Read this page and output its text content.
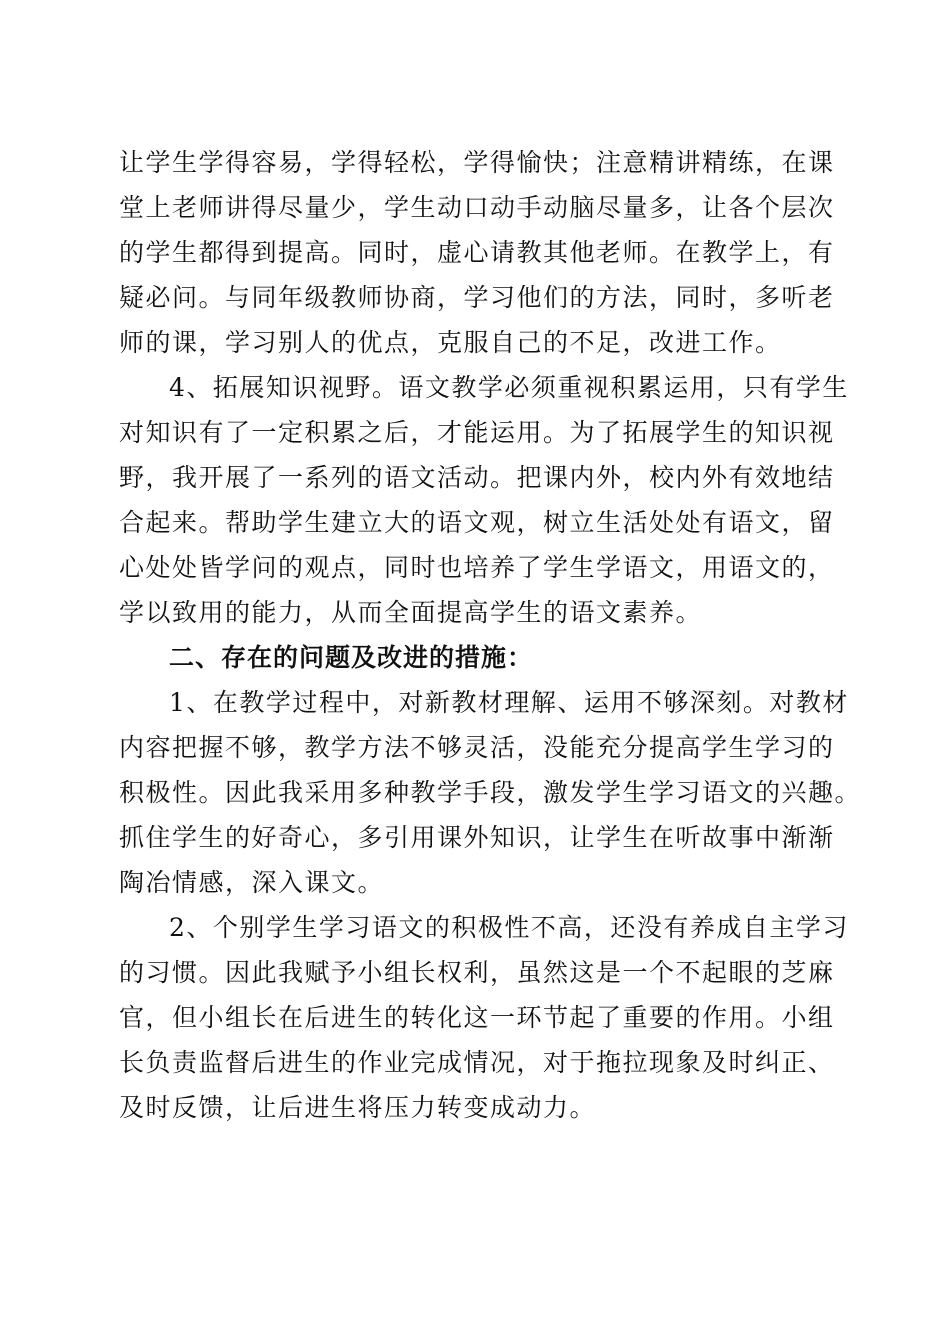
让学生学得容易，学得轻松，学得愉快；注意精讲精练，在课
堂上老师讲得尽量少，学生动口动手动脑尽量多，让各个层次
的学生都得到提高。同时，虚心请教其他老师。在教学上，有
疑必问。与同年级教师协商，学习他们的方法，同时，多听老
师的课，学习别人的优点，克服自己的不足，改进工作。
4、拓展知识视野。语文教学必须重视积累运用，只有学生
对知识有了一定积累之后，才能运用。为了拓展学生的知识视
野，我开展了一系列的语文活动。把课内外，校内外有效地结
合起来。帮助学生建立大的语文观，树立生活处处有语文，留
心处处皆学问的观点，同时也培养了学生学语文，用语文的，
学以致用的能力，从而全面提高学生的语文素养。
二、存在的问题及改进的措施：
1、在教学过程中，对新教材理解、运用不够深刻。对教材
内容把握不够，教学方法不够灵活，没能充分提高学生学习的
积极性。因此我采用多种教学手段，激发学生学习语文的兴趣。
抓住学生的好奇心，多引用课外知识，让学生在听故事中渐渐
陶冶情感，深入课文。
2、个别学生学习语文的积极性不高，还没有养成自主学习
的习惯。因此我赋予小组长权利，虽然这是一个不起眼的芝麻
官，但小组长在后进生的转化这一环节起了重要的作用。小组
长负责监督后进生的作业完成情况，对于拖拉现象及时纠正、
及时反馈，让后进生将压力转变成动力。
